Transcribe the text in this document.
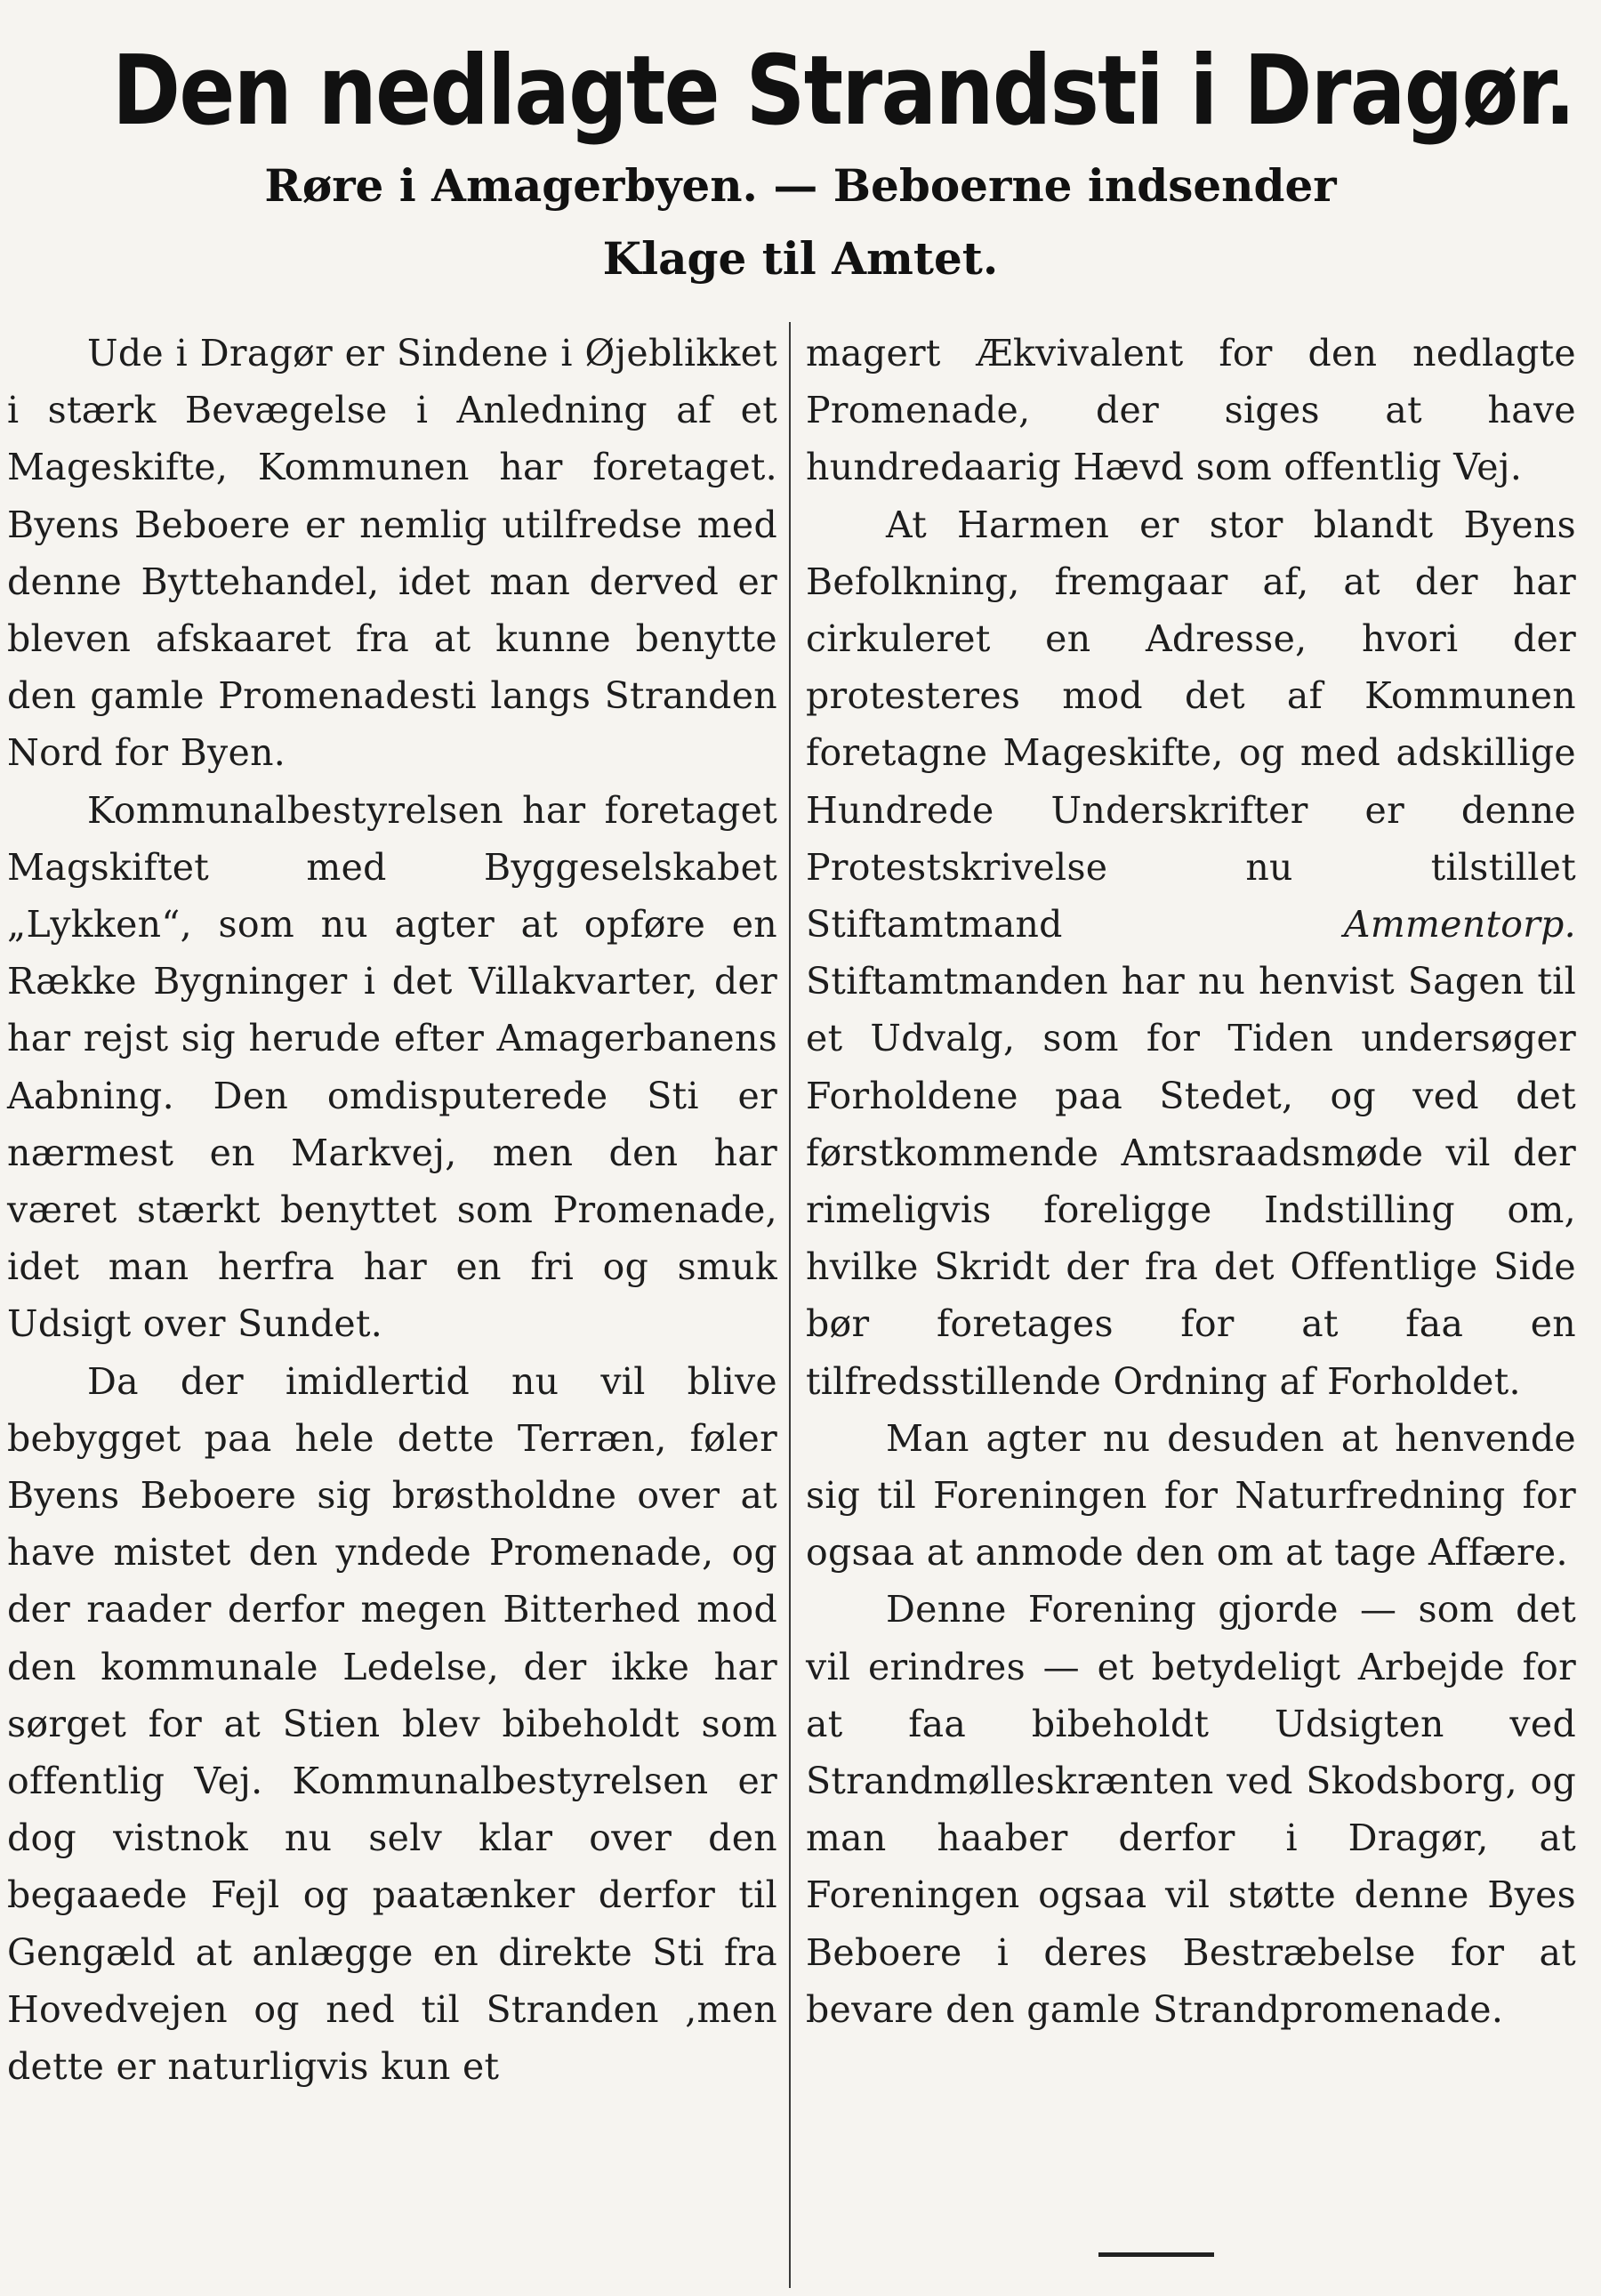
Den nedlagte Strandsti i Dragør.
Røre i Amagerbyen. — Beboerne indsender
Klage til Amtet.

Ude i Dragør er Sindene i Øjeblikket i stærk Bevægelse i Anledning af et Mageskifte, Kommunen har foretaget. Byens Beboere er nemlig utilfredse med denne Byttehandel, idet man derved er bleven afskaaret fra at kunne benytte den gamle Promenadesti langs Stranden Nord for Byen.

Kommunalbestyrelsen har foretaget Magskiftet med Byggeselskabet „Lykken“, som nu agter at opføre en Række Bygninger i det Villakvarter, der har rejst sig herude efter Amagerbanens Aabning. Den omdisputerede Sti er nærmest en Markvej, men den har været stærkt benyttet som Promenade, idet man herfra har en fri og smuk Udsigt over Sundet.

Da der imidlertid nu vil blive bebygget paa hele dette Terræn, føler Byens Beboere sig brøstholdne over at have mistet den yndede Promenade, og der raader derfor megen Bitterhed mod den kommunale Ledelse, der ikke har sørget for at Stien blev bibeholdt som offentlig Vej. Kommunalbestyrelsen er dog vistnok nu selv klar over den begaaede Fejl og paatænker derfor til Gengæld at anlægge en direkte Sti fra Hovedvejen og ned til Stranden ,men dette er naturligvis kun et

magert Ækvivalent for den nedlagte Promenade, der siges at have hundredaarig Hævd som offentlig Vej.

At Harmen er stor blandt Byens Befolkning, fremgaar af, at der har cirkuleret en Adresse, hvori der protesteres mod det af Kommunen foretagne Mageskifte, og med adskillige Hundrede Underskrifter er denne Protestskrivelse nu tilstillet Stiftamtmand	Ammentorp. Stiftamtmanden har nu henvist Sagen til et Udvalg, som for Tiden undersøger Forholdene paa Stedet, og ved det førstkommende Amtsraadsmøde vil der rimeligvis foreligge Indstilling om, hvilke Skridt der fra det Offentlige Side bør foretages for at faa en tilfredsstillende Ordning af Forholdet.

Man agter nu desuden at henvende sig til Foreningen for Naturfredning for ogsaa at anmode den om at tage Affære.

Denne Forening gjorde — som det vil erindres — et betydeligt Arbejde for at faa bibeholdt Udsigten ved Strandmølleskrænten ved Skodsborg, og man haaber derfor i Dragør, at Foreningen ogsaa vil støtte denne Byes Beboere i deres Bestræbelse for at bevare den gamle Strandpromenade.
